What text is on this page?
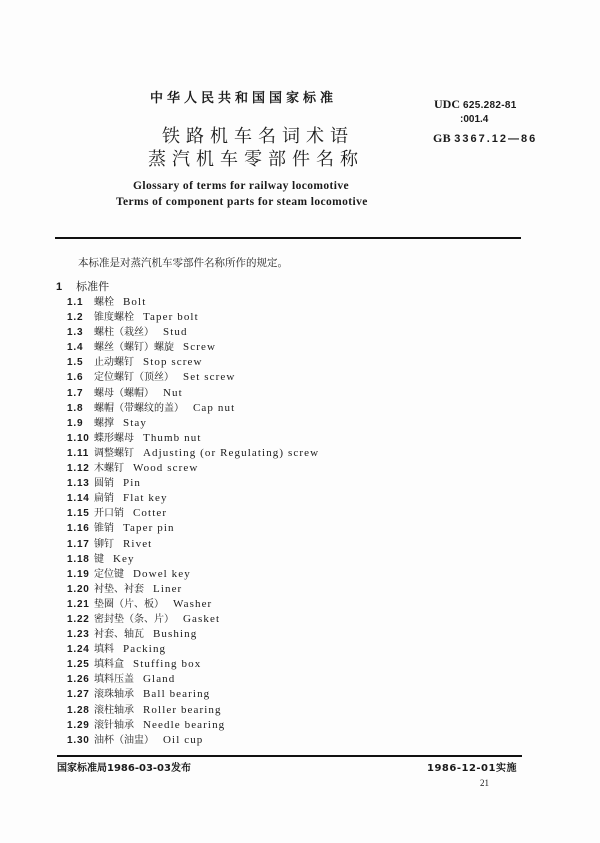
中华人民共和国国家标准	UDC 625.282-81
:001.4
GB 3367.12—86
铁路机车名词术语
蒸汽机车零部件名称
Glossary of terms for railway locomotive
Terms of component parts for steam locomotive
本标准是对蒸汽机车零部件名称所作的规定。
1 标准件
1.1 螺栓 Bolt
1.2 锥度螺栓 Taper bolt
1.3 螺柱（栽丝） Stud
1.4 螺丝（螺钉）螺旋 Screw
1.5 止动螺钉 Stop screw
1.6 定位螺钉（顶丝） Set screw
1.7 螺母（螺帽） Nut
1.8 螺帽（带螺纹的盖） Cap nut
1.9 螺撑 Stay
1.10 蝶形螺母 Thumb nut
1.11 调整螺钉 Adjusting (or Regulating) screw
1.12 木螺钉 Wood screw
1.13 圆销 Pin
1.14 扁销 Flat key
1.15 开口销 Cotter
1.16 锥销 Taper pin
1.17 铆钉 Rivet
1.18 键 Key
1.19 定位键 Dowel key
1.20 衬垫、衬套 Liner
1.21 垫圈（片、板） Washer
1.22 密封垫（条、片） Gasket
1.23 衬套、轴瓦 Bushing
1.24 填料 Packing
1.25 填料盒 Stuffing box
1.26 填料压盖 Gland
1.27 滚珠轴承 Ball bearing
1.28 滚柱轴承 Roller bearing
1.29 滚针轴承 Needle bearing
1.30 油杯（油盅） Oil cup
国家标准局1986-03-03发布	1986-12-01实施
21
